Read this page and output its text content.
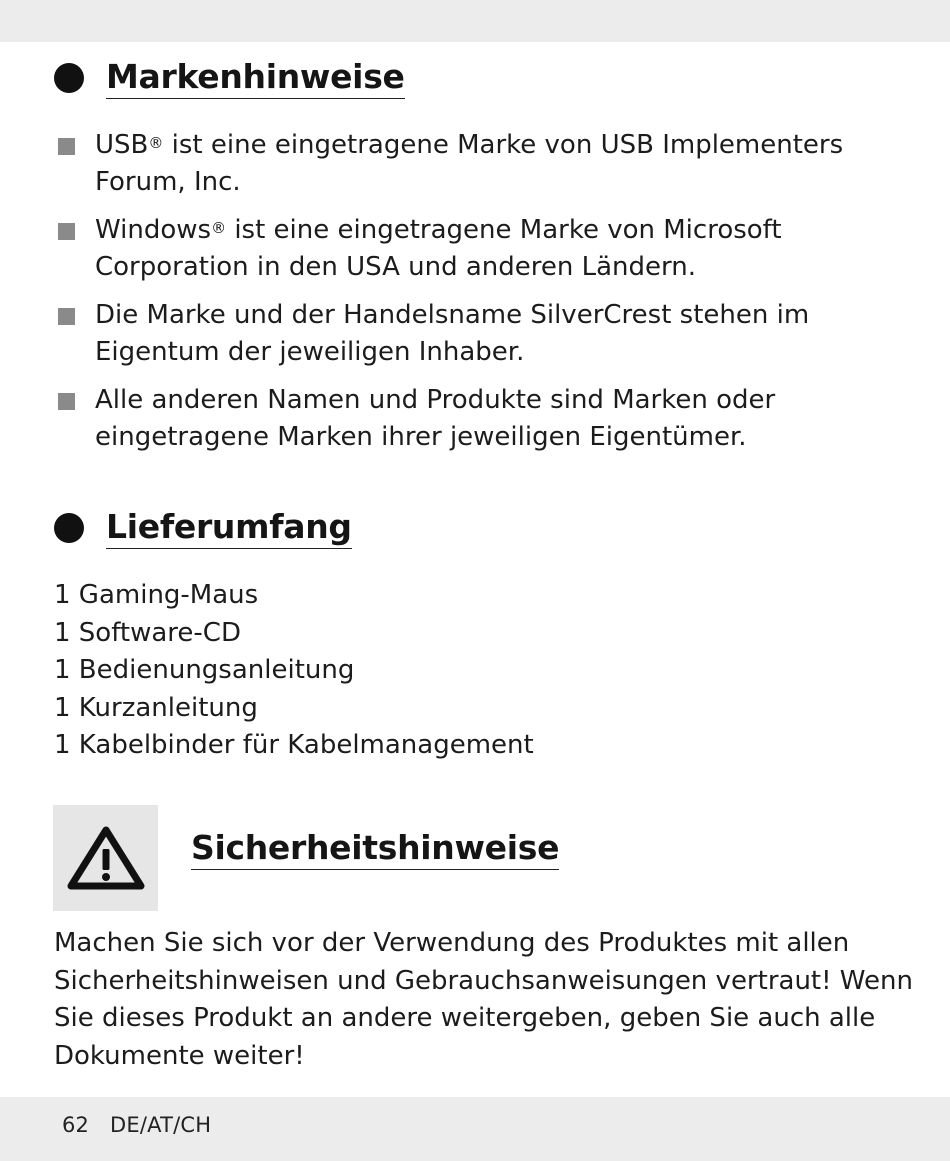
Markenhinweise
USB® ist eine eingetragene Marke von USB Implementers Forum, Inc.
Windows® ist eine eingetragene Marke von Microsoft Corporation in den USA und anderen Ländern.
Die Marke und der Handelsname SilverCrest stehen im Eigentum der jeweiligen Inhaber.
Alle anderen Namen und Produkte sind Marken oder eingetragene Marken ihrer jeweiligen Eigentümer.
Lieferumfang
1 Gaming-Maus
1 Software-CD
1 Bedienungsanleitung
1 Kurzanleitung
1 Kabelbinder für Kabelmanagement
Sicherheitshinweise

Machen Sie sich vor der Verwendung des Produktes mit allen Sicherheitshinweisen und Gebrauchsanweisungen vertraut! Wenn Sie dieses Produkt an andere weitergeben, geben Sie auch alle Dokumente weiter!

62 DE/AT/CH
